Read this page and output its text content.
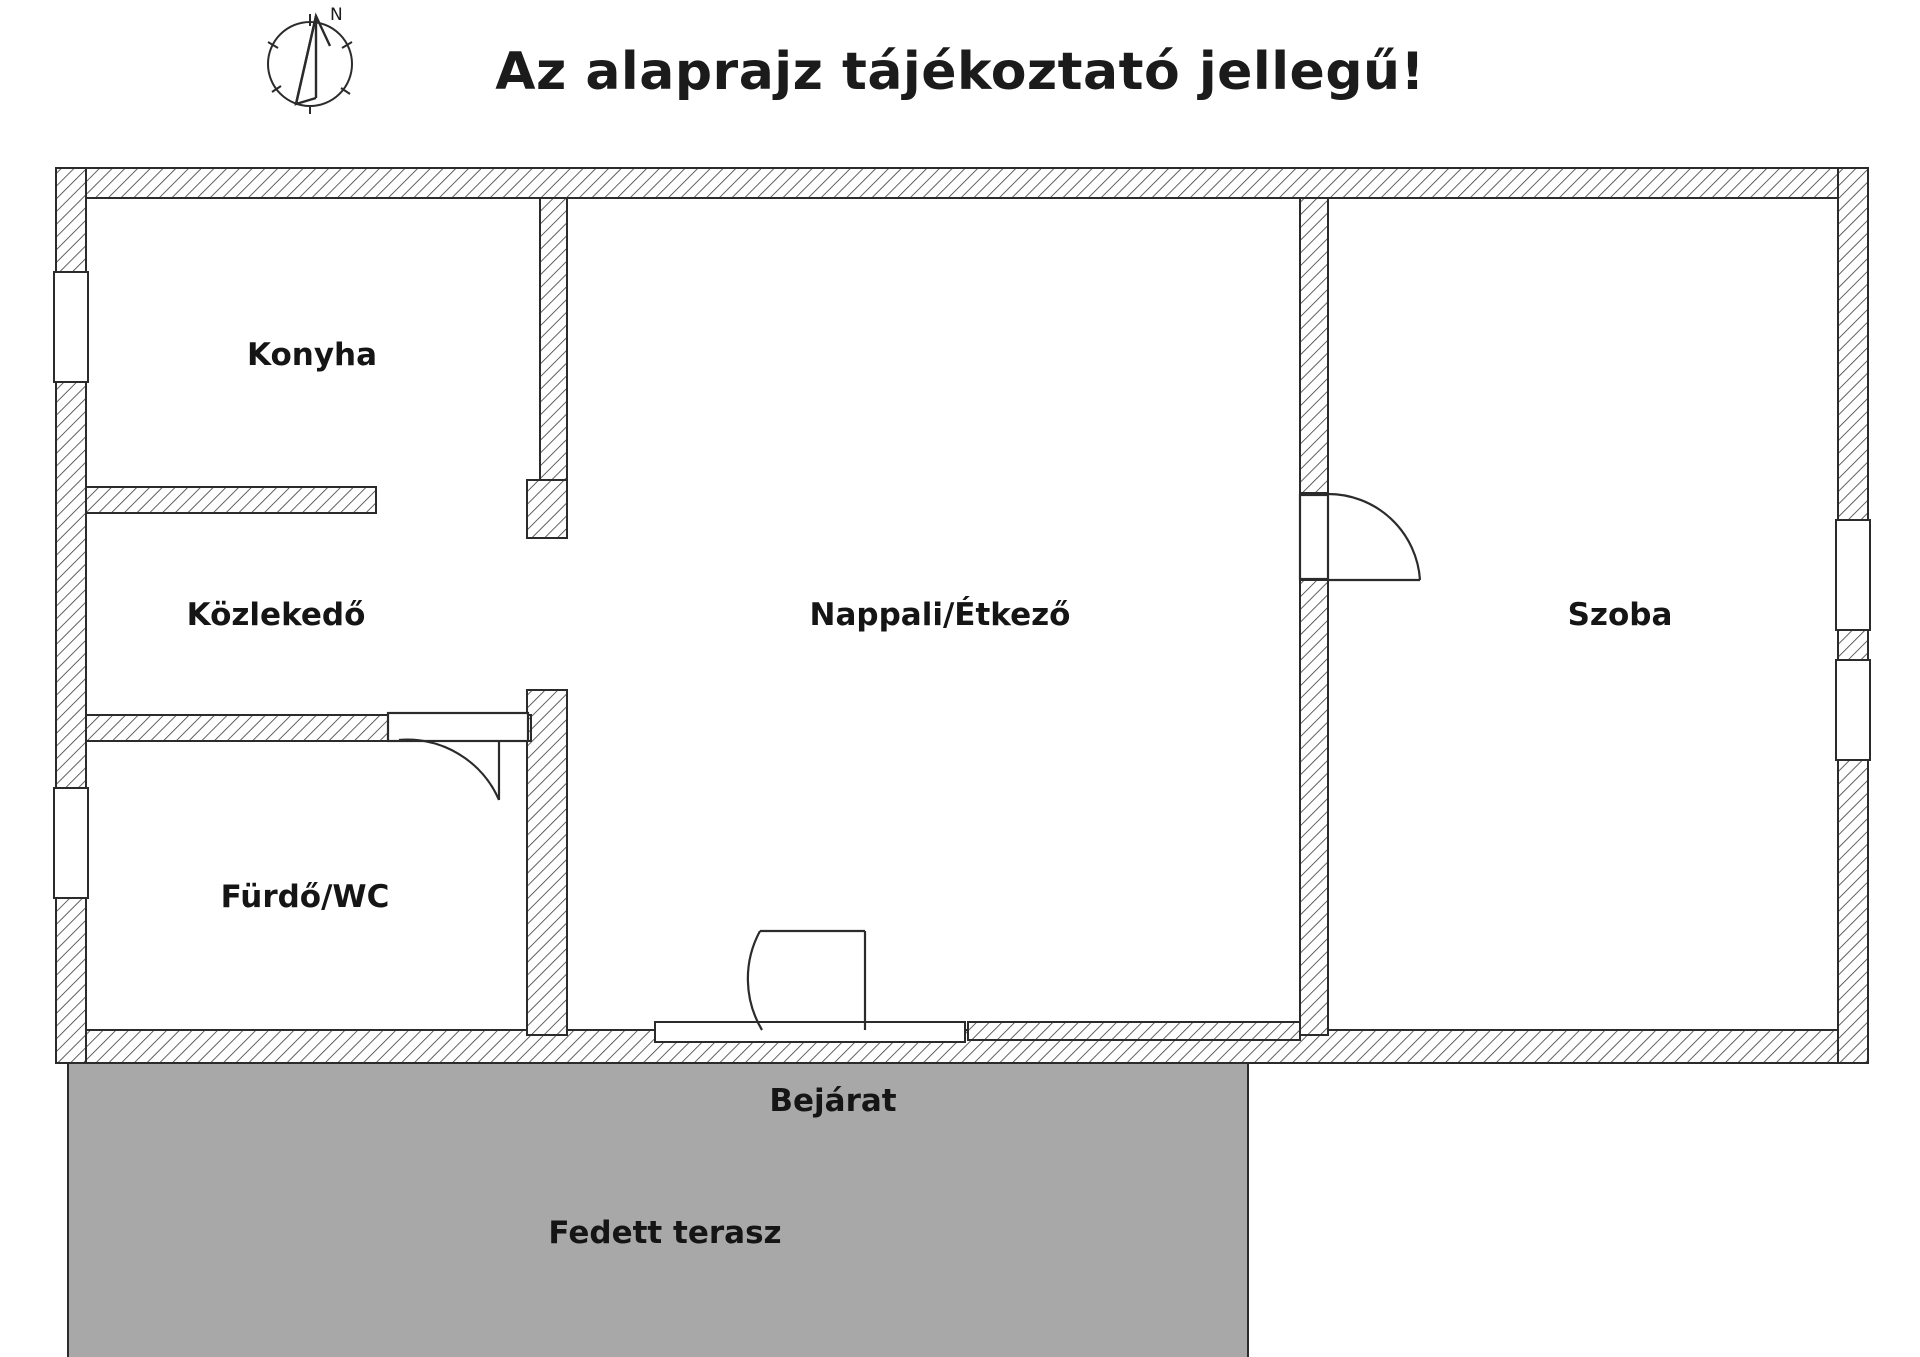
N
Az alaprajz tájékoztató jellegű!
Konyha
Közlekedő
Fürdő/WC
Nappali/Étkező	Szoba
Bejárat
Fedett terasz
